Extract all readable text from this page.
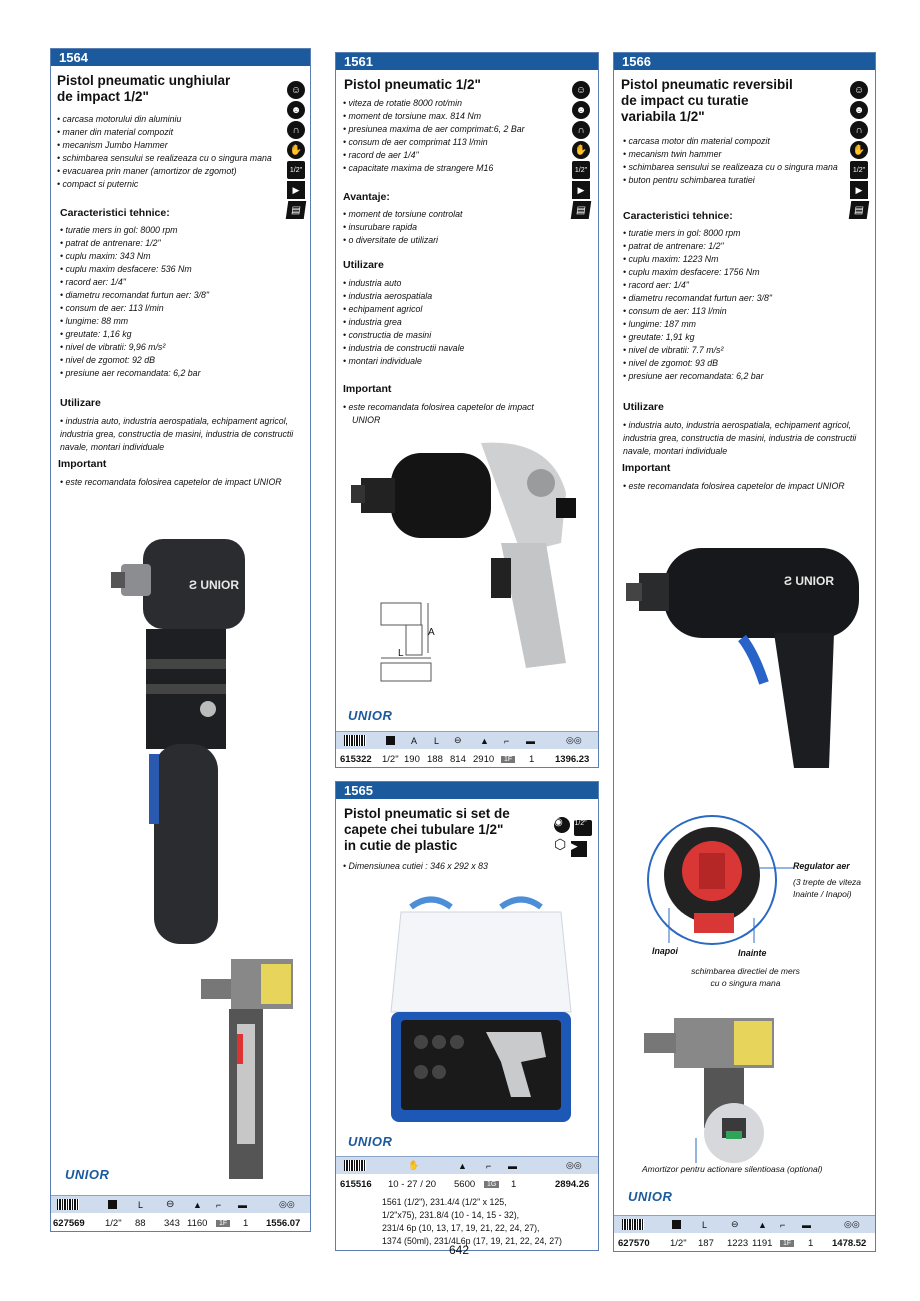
1564
Pistol pneumatic unghiular
de impact 1/2"	☺
☻
∩
✋
1/2"
▶
▤
• carcasa motorului din aluminiu
• maner din material compozit
• mecanism Jumbo Hammer
• schimbarea sensului se realizeaza cu o singura mana
• evacuarea prin maner (amortizor de zgomot)
• compact si puternic
Caracteristici tehnice:
• turatie mers in gol: 8000 rpm
• patrat de antrenare: 1/2"
• cuplu maxim: 343 Nm
• cuplu maxim desfacere: 536 Nm
• racord aer: 1/4"
• diametru recomandat furtun aer: 3/8"
• consum de aer: 113 l/min
• lungime: 88 mm
• greutate: 1,16 kg
• nivel de vibratii: 9,96 m/s²
• nivel de zgomot: 92 dB
• presiune aer recomandata: 6,2 bar
Utilizare
• industria auto, industria aerospatiala, echipament agricol,
industria grea, constructia de masini, industria de constructii
navale, montari individuale
Important
• este recomandata folosirea capetelor de impact UNIOR
Ƨ UNIOR
UNIOR
L ⊖ ▲ ⌐ ▬	◎◎
627569 1/2" 88 343 1160	1F	1 1556.07
1561
Pistol pneumatic 1/2"	☺
☻
∩
✋
1/2"
▶
▤
• viteza de rotatie 8000 rot/min
• moment de torsiune max. 814 Nm
• presiunea maxima de aer comprimat:6, 2 Bar
• consum de aer comprimat 113 l/min
• racord de aer 1/4"
• capacitate maxima de strangere M16
Avantaje:
• moment de torsiune controlat
• insurubare rapida
• o diversitate de utilizari
Utilizare
• industria auto
• industria aerospatiala
• echipament agricol
• industria grea
• constructia de masini
• industria de constructii navale
• montari individuale
Important
• este recomandata folosirea capetelor de impact
UNIOR
A
L
UNIOR
A L ⊖ ▲ ⌐ ▬	◎◎
615322 1/2" 190 188 814 2910	1F	1 1396.23
1565
Pistol pneumatic si set de
capete chei tubulare 1/2"
in cutie de plastic
◉ 1/2" ⬡ ▶
• Dimensiunea cutiei : 346 x 292 x 83
UNIOR
✋	▲ ⌐ ▬	◎◎
615516 10 - 27 / 20 5600	1G	1	2894.26
1561 (1/2"), 231.4/4 (1/2" x 125,
1/2"x75), 231.8/4 (10 - 14, 15 - 32),
231/4 6p (10, 13, 17, 19, 21, 22, 24, 27),
1374 (50ml), 231/4L6p (17, 19, 21, 22, 24, 27)
1566
Pistol pneumatic reversibil
de impact cu turatie
variabila 1/2"
☺
☻
∩
✋
1/2"
▶
▤
• carcasa motor din material compozit
• mecanism twin hammer
• schimbarea sensului se realizeaza cu o singura mana
• buton pentru schimbarea turatiei
Caracteristici tehnice:
• turatie mers in gol: 8000 rpm
• patrat de antrenare: 1/2"
• cuplu maxim: 1223 Nm
• cuplu maxim desfacere: 1756 Nm
• racord aer: 1/4"
• diametru recomandat furtun aer: 3/8"
• consum de aer: 113 l/min
• lungime: 187 mm
• greutate: 1,91 kg
• nivel de vibratii: 7.7 m/s²
• nivel de zgomot: 93 dB
• presiune aer recomandata: 6,2 bar
Utilizare
• industria auto, industria aerospatiala, echipament agricol,
industria grea, constructia de masini, industria de constructii
navale, montari individuale
Important
• este recomandata folosirea capetelor de impact UNIOR
Ƨ UNIOR
Regulator aer
(3 trepte de viteza
Inainte / Inapoi)
Inapoi	Inainte
schimbarea directiei de mers
cu o singura mana
Amortizor pentru actionare silentioasa (optional)
UNIOR
L	⊖ ▲ ⌐ ▬	◎◎
627570 1/2" 187 1223 1191	1F	1 1478.52
642
